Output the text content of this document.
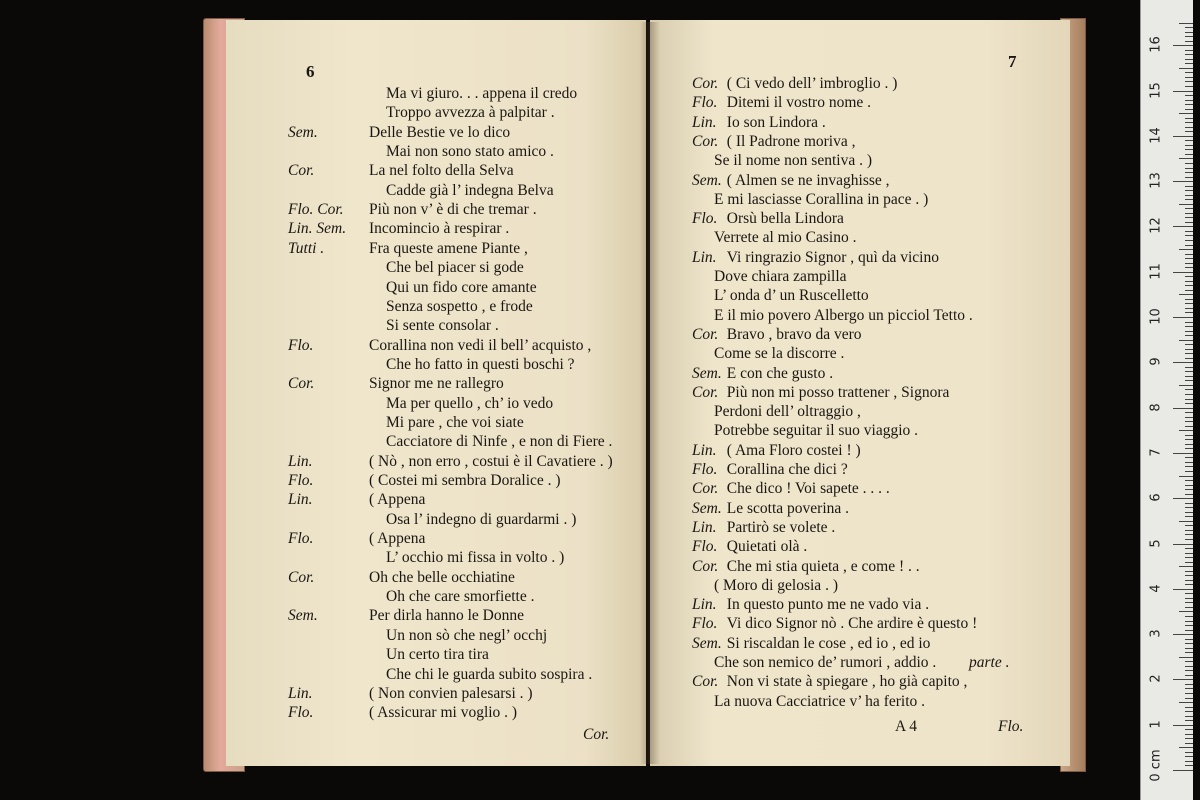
6
Ma vi giuro. . . appena il credo
Troppo avvezza à palpitar .
Sem.	Delle Bestie ve lo dico
Mai non sono stato amico .
Cor.	La nel folto della Selva
Cadde già l’ indegna Belva
Flo. Cor. Più non v’ è di che tremar .
Lin. Sem. Incomincio à respirar .
Tutti .	Fra queste amene Piante ,
Che bel piacer si gode
Qui un fido core amante
Senza sospetto , e frode
Si sente consolar .
Flo.	Corallina non vedi il bell’ acquisto ,
Che ho fatto in questi boschi ?
Cor.	Signor me ne rallegro
Ma per quello , ch’ io vedo
Mi pare , che voi siate
Cacciatore di Ninfe , e non di Fiere .
Lin.	( Nò , non erro , costui è il Cavatiere . )
Flo.	( Costei mi sembra Doralice . )
Lin.	( Appena
Osa l’ indegno di guardarmi . )
Flo.	( Appena
L’ occhio mi fissa in volto . )
Cor.	Oh che belle occhiatine
Oh che care smorfiette .
Sem.	Per dirla hanno le Donne
Un non sò che negl’ occhj
Un certo tira tira
Che chi le guarda subito sospira .
Lin.	( Non convien palesarsi . )
Flo.	( Assicurar mi voglio . )
Cor.
7
Cor. ( Ci vedo dell’ imbroglio . )
Flo. Ditemi il vostro nome .
Lin. Io son Lindora .
Cor. ( Il Padrone moriva ,
Se il nome non sentiva . )
Sem. ( Almen se ne invaghisse ,
E mi lasciasse Corallina in pace . )
Flo. Orsù bella Lindora
Verrete al mio Casino .
Lin. Vi ringrazio Signor , quì da vicino
Dove chiara zampilla
L’ onda d’ un Ruscelletto
E il mio povero Albergo un picciol Tetto .
Cor. Bravo , bravo da vero
Come se la discorre .
Sem. E con che gusto .
Cor. Più non mi posso trattener , Signora
Perdoni dell’ oltraggio ,
Potrebbe seguitar il suo viaggio .
Lin. ( Ama Floro costei ! )
Flo. Corallina che dici ?
Cor. Che dico ! Voi sapete . . . .
Sem. Le scotta poverina .
Lin. Partirò se volete .
Flo. Quietati olà .
Cor. Che mi stia quieta , e come ! . .
( Moro di gelosia . )
Lin. In questo punto me ne vado via .
Flo. Vi dico Signor nò . Che ardire è questo !
Sem. Si riscaldan le cose , ed io , ed io
Che son nemico de’ rumori , addio . parte .
Cor. Non vi state à spiegare , ho già capito ,
La nuova Cacciatrice v’ ha ferito .
A 4	Flo.
0 cm
1
2
3
4
5
6
7
8
9
10
11
12
13
14
15
16
